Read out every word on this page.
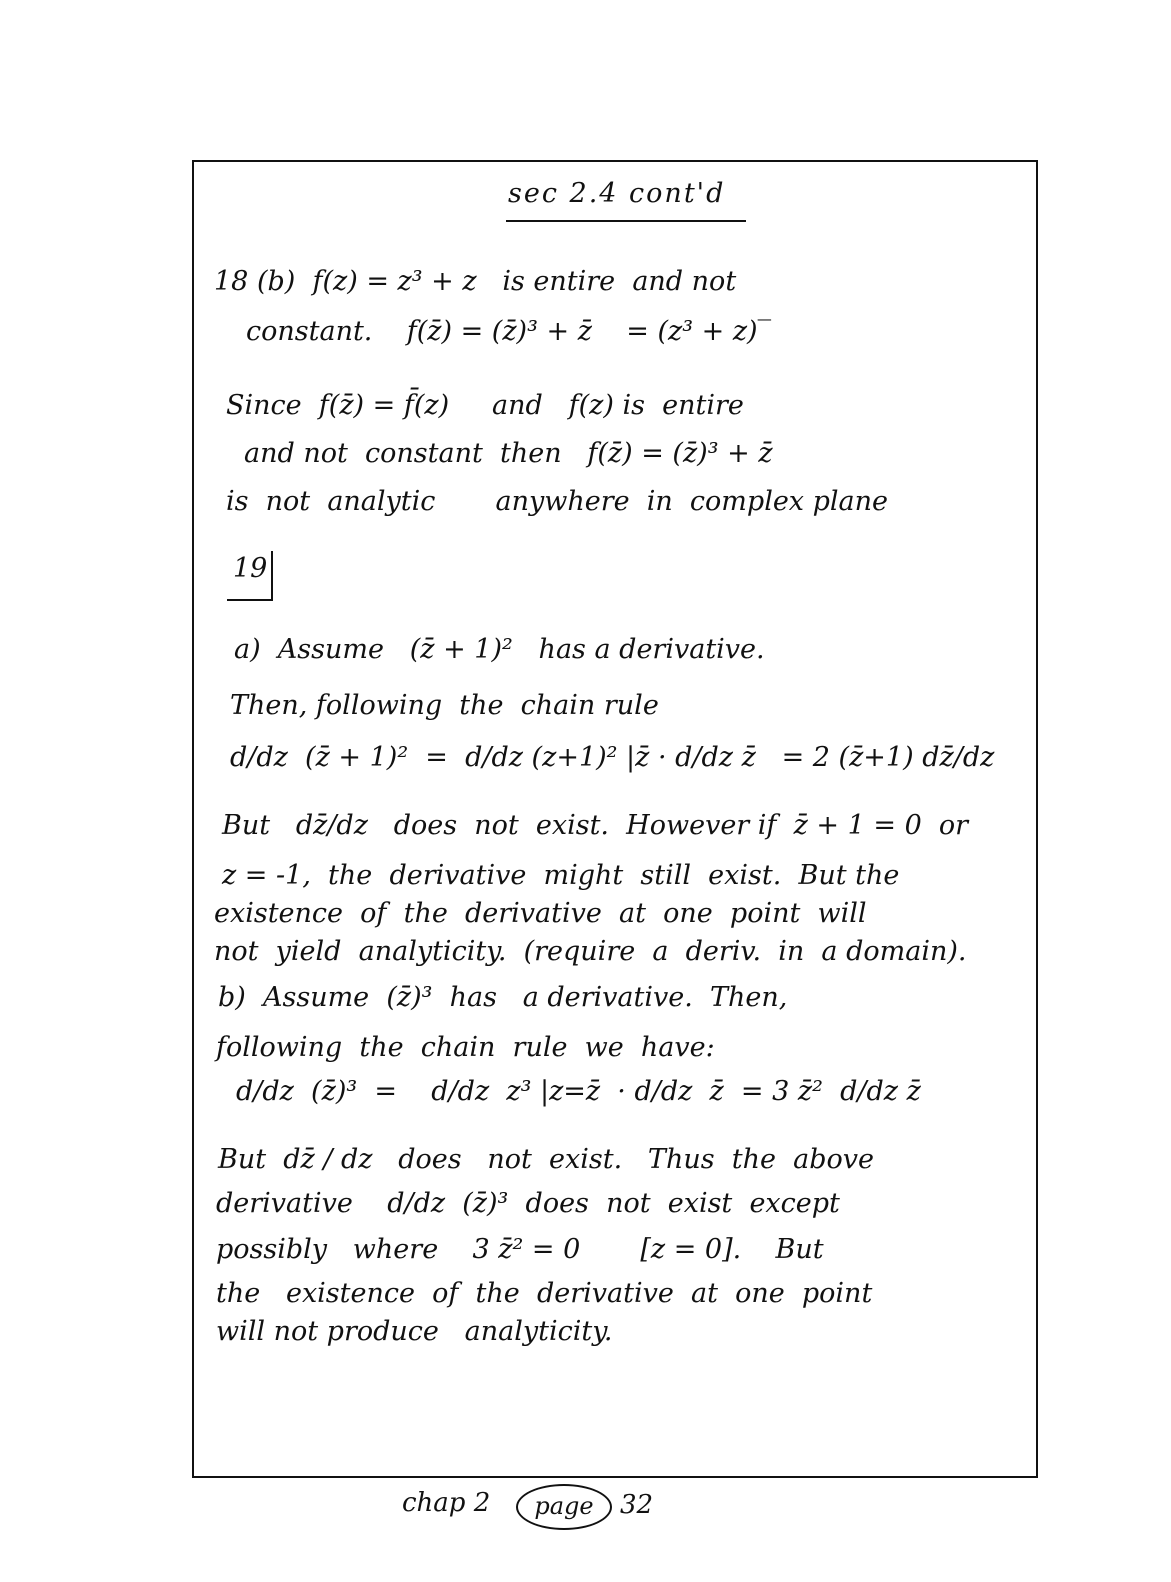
sec 2.4 cont'd
18 (b)  f(z) = z³ + z   is entire  and not
constant.    f(z̄) = (z̄)³ + z̄    = (z³ + z)‾
Since  f(z̄) = f̄(z)     and   f(z) is  entire
and not  constant  then   f(z̄) = (z̄)³ + z̄
is  not  analytic       anywhere  in  complex plane
19
a)  Assume   (z̄ + 1)²   has a derivative.
Then, following  the  chain rule
d/dz  (z̄ + 1)²  =  d/dz (z+1)² |z̄ · d/dz z̄   = 2 (z̄+1) dz̄/dz
But   dz̄/dz   does  not  exist.  However if  z̄ + 1 = 0  or
z = -1,  the  derivative  might  still  exist.  But the
existence  of  the  derivative  at  one  point  will
not  yield  analyticity.  (require  a  deriv.  in  a domain).
b)  Assume  (z̄)³  has   a derivative.  Then,
following  the  chain  rule  we  have:
d/dz  (z̄)³  =    d/dz  z³ |z=z̄  · d/dz  z̄  = 3 z̄²  d/dz z̄
But  dz̄ / dz   does   not  exist.   Thus  the  above
derivative    d/dz  (z̄)³  does  not  exist  except
possibly   where    3 z̄² = 0       [z = 0].    But
the   existence  of  the  derivative  at  one  point
will not produce   analyticity.
chap 2	page	32
